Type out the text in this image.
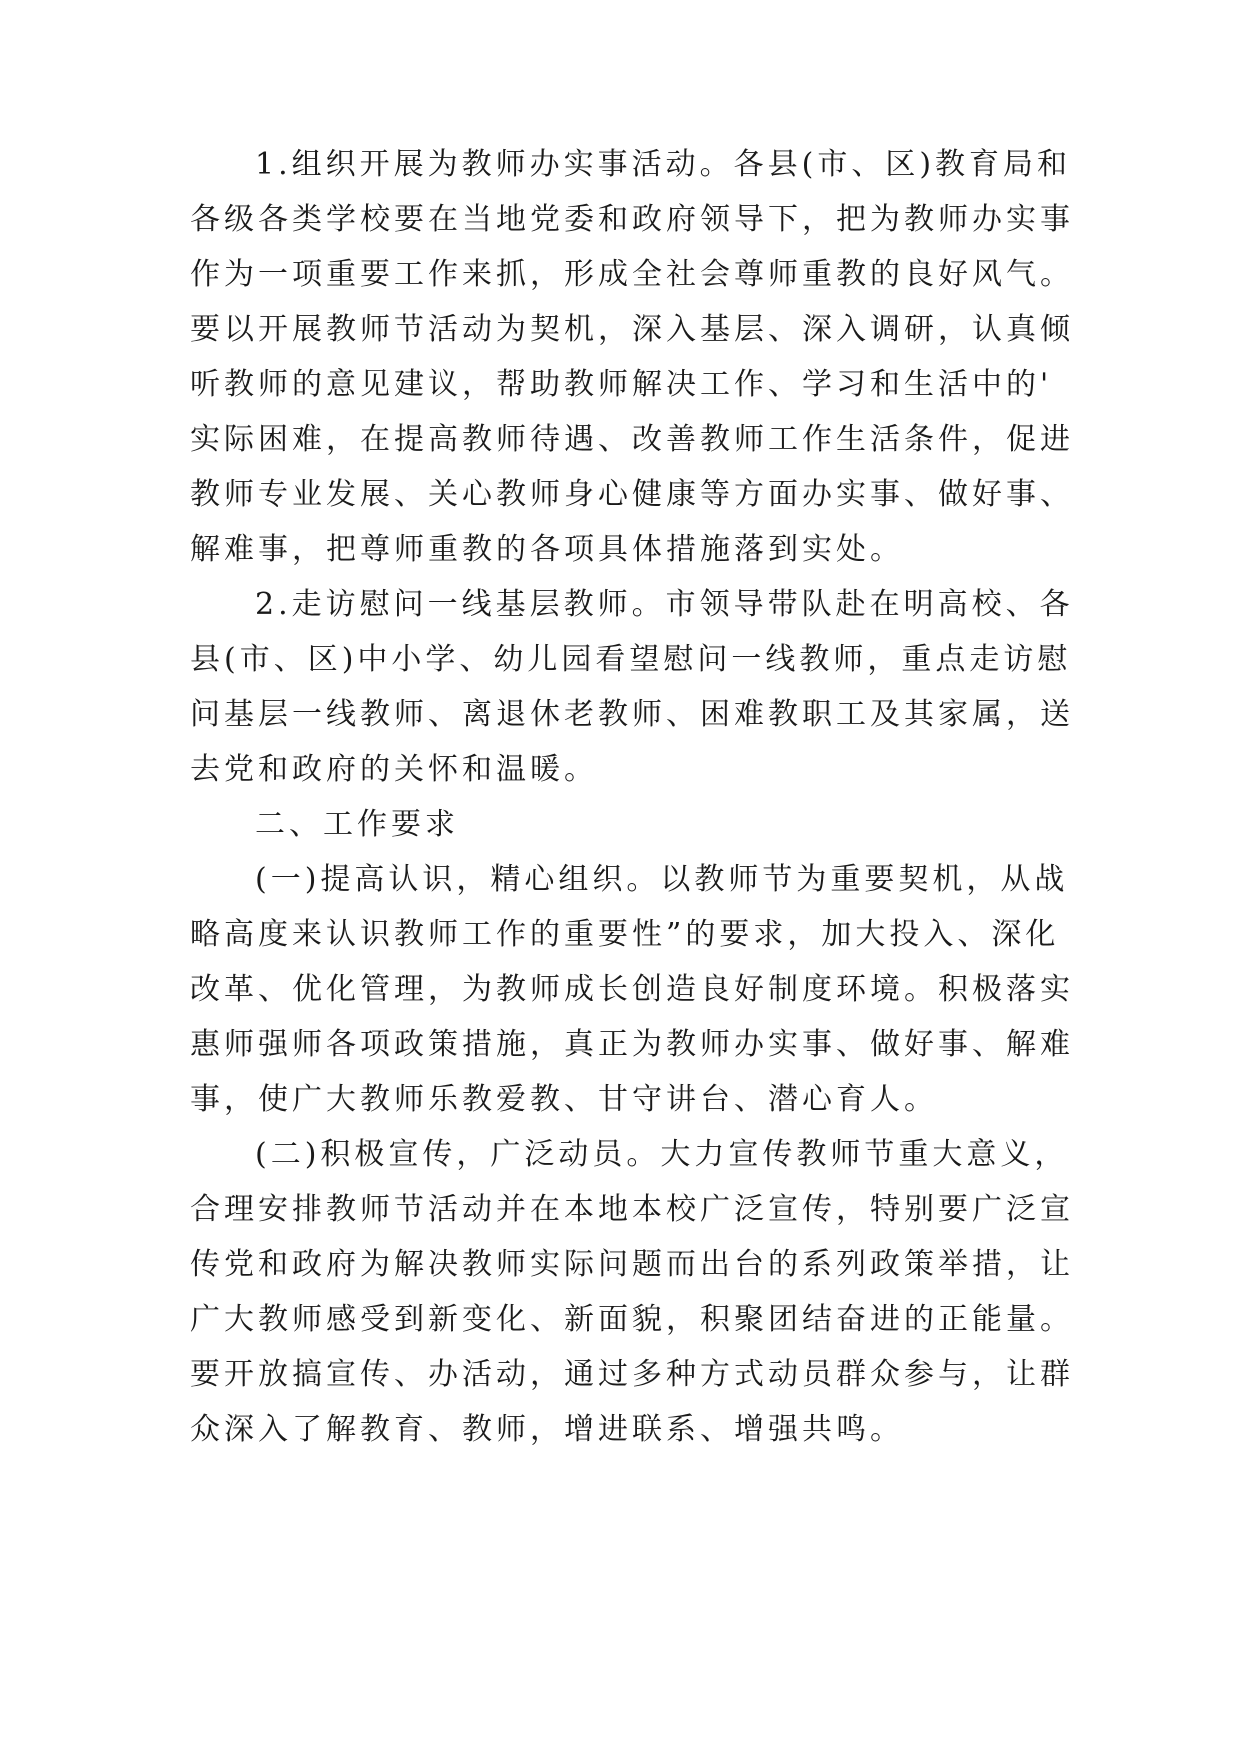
1.组织开展为教师办实事活动。各县(市、区)教育局和
各级各类学校要在当地党委和政府领导下，把为教师办实事
作为一项重要工作来抓，形成全社会尊师重教的良好风气。
要以开展教师节活动为契机，深入基层、深入调研，认真倾
听教师的意见建议，帮助教师解决工作、学习和生活中的'
实际困难，在提高教师待遇、改善教师工作生活条件，促进
教师专业发展、关心教师身心健康等方面办实事、做好事、
解难事，把尊师重教的各项具体措施落到实处。
2.走访慰问一线基层教师。市领导带队赴在明高校、各
县(市、区)中小学、幼儿园看望慰问一线教师，重点走访慰
问基层一线教师、离退休老教师、困难教职工及其家属，送
去党和政府的关怀和温暖。
二、工作要求
(一)提高认识，精心组织。以教师节为重要契机，从战
略高度来认识教师工作的重要性”的要求，加大投入、深化
改革、优化管理，为教师成长创造良好制度环境。积极落实
惠师强师各项政策措施，真正为教师办实事、做好事、解难
事，使广大教师乐教爱教、甘守讲台、潜心育人。
(二)积极宣传，广泛动员。大力宣传教师节重大意义，
合理安排教师节活动并在本地本校广泛宣传，特别要广泛宣
传党和政府为解决教师实际问题而出台的系列政策举措，让
广大教师感受到新变化、新面貌，积聚团结奋进的正能量。
要开放搞宣传、办活动，通过多种方式动员群众参与，让群
众深入了解教育、教师，增进联系、增强共鸣。
